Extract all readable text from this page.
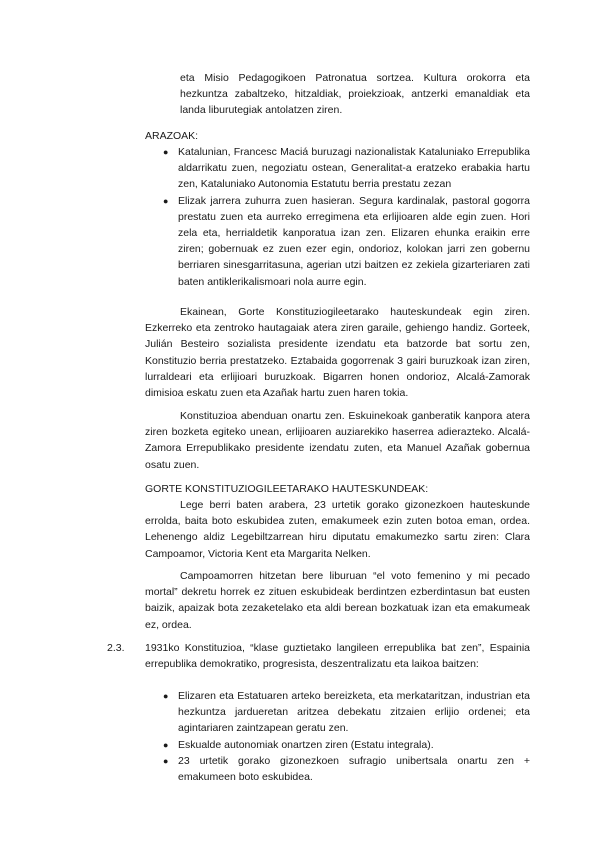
eta Misio Pedagogikoen Patronatua sortzea. Kultura orokorra eta hezkuntza zabaltzeko, hitzaldiak, proiekzioak, antzerki emanaldiak eta landa liburutegiak antolatzen ziren.
ARAZOAK:
● Katalunian, Francesc Maciá buruzagi nazionalistak Kataluniako Errepublika aldarrikatu zuen, negoziatu ostean, Generalitat-a eratzeko erabakia hartu zen, Kataluniako Autonomia Estatutu berria prestatu zezan
● Elizak jarrera zuhurra zuen hasieran. Segura kardinalak, pastoral gogorra prestatu zuen eta aurreko erregimena eta erlijioaren alde egin zuen. Hori zela eta, herrialdetik kanporatua izan zen. Elizaren ehunka eraikin erre ziren; gobernuak ez zuen ezer egin, ondorioz, kolokan jarri zen gobernu berriaren sinesgarritasuna, agerian utzi baitzen ez zekiela gizarteriaren zati baten antiklerikalismoari nola aurre egin.
Ekainean, Gorte Konstituziogileetarako hauteskundeak egin ziren. Ezkerreko eta zentroko hautagaiak atera ziren garaile, gehiengo handiz. Gorteek, Julián Besteiro sozialista presidente izendatu eta batzorde bat sortu zen, Konstituzio berria prestatzeko. Eztabaida gogorrenak 3 gairi buruzkoak izan ziren, lurraldeari eta erlijioari buruzkoak. Bigarren honen ondorioz, Alcalá-Zamorak dimisioa eskatu zuen eta Azañak hartu zuen haren tokia.
Konstituzioa abenduan onartu zen. Eskuinekoak ganberatik kanpora atera ziren bozketa egiteko unean, erlijioaren auziarekiko haserrea adierazteko. Alcalá-Zamora Errepublikako presidente izendatu zuten, eta Manuel Azañak gobernua osatu zuen.
GORTE KONSTITUZIOGILEETARAKO HAUTESKUNDEAK:
Lege berri baten arabera, 23 urtetik gorako gizonezkoen hauteskunde errolda, baita boto eskubidea zuten, emakumeek ezin zuten botoa eman, ordea. Lehenengo aldiz Legebiltzarrean hiru diputatu emakumezko sartu ziren: Clara Campoamor, Victoria Kent eta Margarita Nelken.
Campoamorren hitzetan bere liburuan “el voto femenino y mi pecado mortal” dekretu horrek ez zituen eskubideak berdintzen ezberdintasun bat eusten baizik, apaizak bota zezaketelako eta aldi berean bozkatuak izan eta emakumeak ez, ordea.
2.3. 1931ko Konstituzioa, “klase guztietako langileen errepublika bat zen”, Espainia errepublika demokratiko, progresista, deszentralizatu eta laikoa baitzen:
● Elizaren eta Estatuaren arteko bereizketa, eta merkataritzan, industrian eta hezkuntza jardueretan aritzea debekatu zitzaien erlijio ordenei; eta agintariaren zaintzapean geratu zen.
● Eskualde autonomiak onartzen ziren (Estatu integrala).
● 23 urtetik gorako gizonezkoen sufragio unibertsala onartu zen + emakumeen boto eskubidea.
